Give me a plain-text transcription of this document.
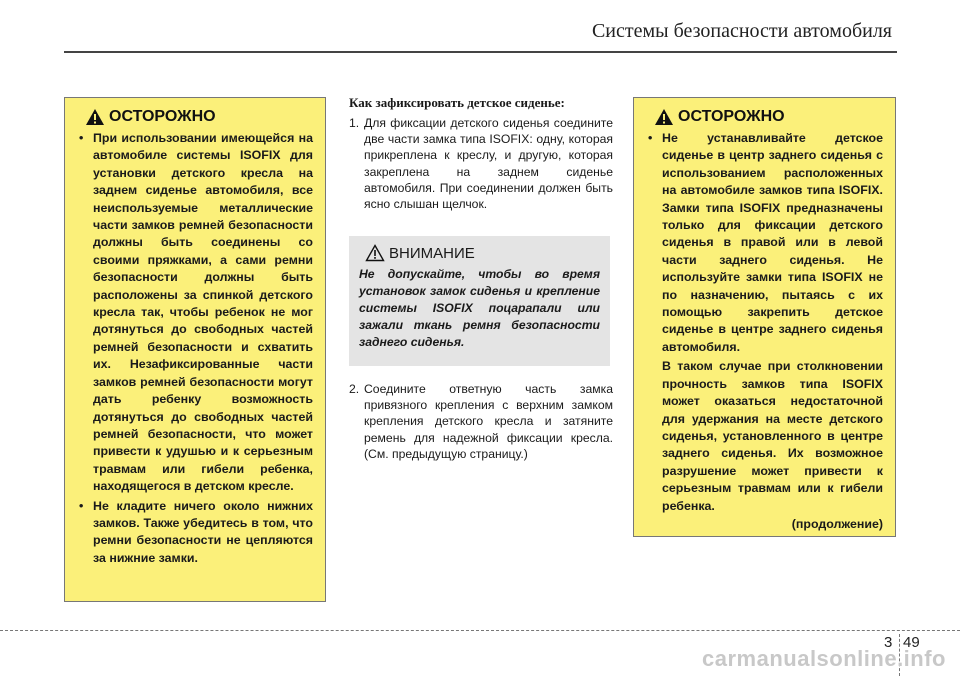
Системы безопасности автомобиля
ОСТОРОЖНО
• При использовании имеющейся на автомобиле системы ISOFIX для установки детского кресла на заднем сиденье автомобиля, все неиспользуемые металлические части замков ремней безопасности должны быть соединены со своими пряжками, а сами ремни безопасности должны быть расположены за спинкой детского кресла так, чтобы ребенок не мог дотянуться до свободных частей ремней безопасности и схватить их. Незафиксированные части замков ремней безопасности могут дать ребенку возможность дотянуться до свободных частей ремней безопасности, что может привести к удушью и к серьезным травмам или гибели ребенка, находящегося в детском кресле.
• Не кладите ничего около нижних замков. Также убедитесь в том, что ремни безопасности не цепляются за нижние замки.
Как зафиксировать детское сиденье:
1. Для фиксации детского сиденья соедините две части замка типа ISOFIX: одну, которая прикреплена к креслу, и другую, которая закреплена на заднем сиденье автомобиля. При соединении должен быть ясно слышан щелчок.
ВНИМАНИЕ
Не допускайте, чтобы во время установок замок сиденья и крепление системы ISOFIX поцарапали или зажали ткань ремня безопасности заднего сиденья.
2. Соедините ответную часть замка привязного крепления с верхним замком крепления детского кресла и затяните ремень для надежной фиксации кресла. (См. предыдущую страницу.)
ОСТОРОЖНО
• Не устанавливайте детское сиденье в центр заднего сиденья с использованием расположенных на автомобиле замков типа ISOFIX. Замки типа ISOFIX предназначены только для фиксации детского сиденья в правой или в левой части заднего сиденья. Не используйте замки типа ISOFIX не по назначению, пытаясь с их помощью закрепить детское сиденье в центре заднего сиденья автомобиля.
В таком случае при столкновении прочность замков типа ISOFIX может оказаться недостаточной для удержания на месте детского сиденья, установленного в центре заднего сиденья. Их возможное разрушение может привести к серьезным травмам или к гибели ребенка.
(продолжение)
3 49
carmanualsonline.info
